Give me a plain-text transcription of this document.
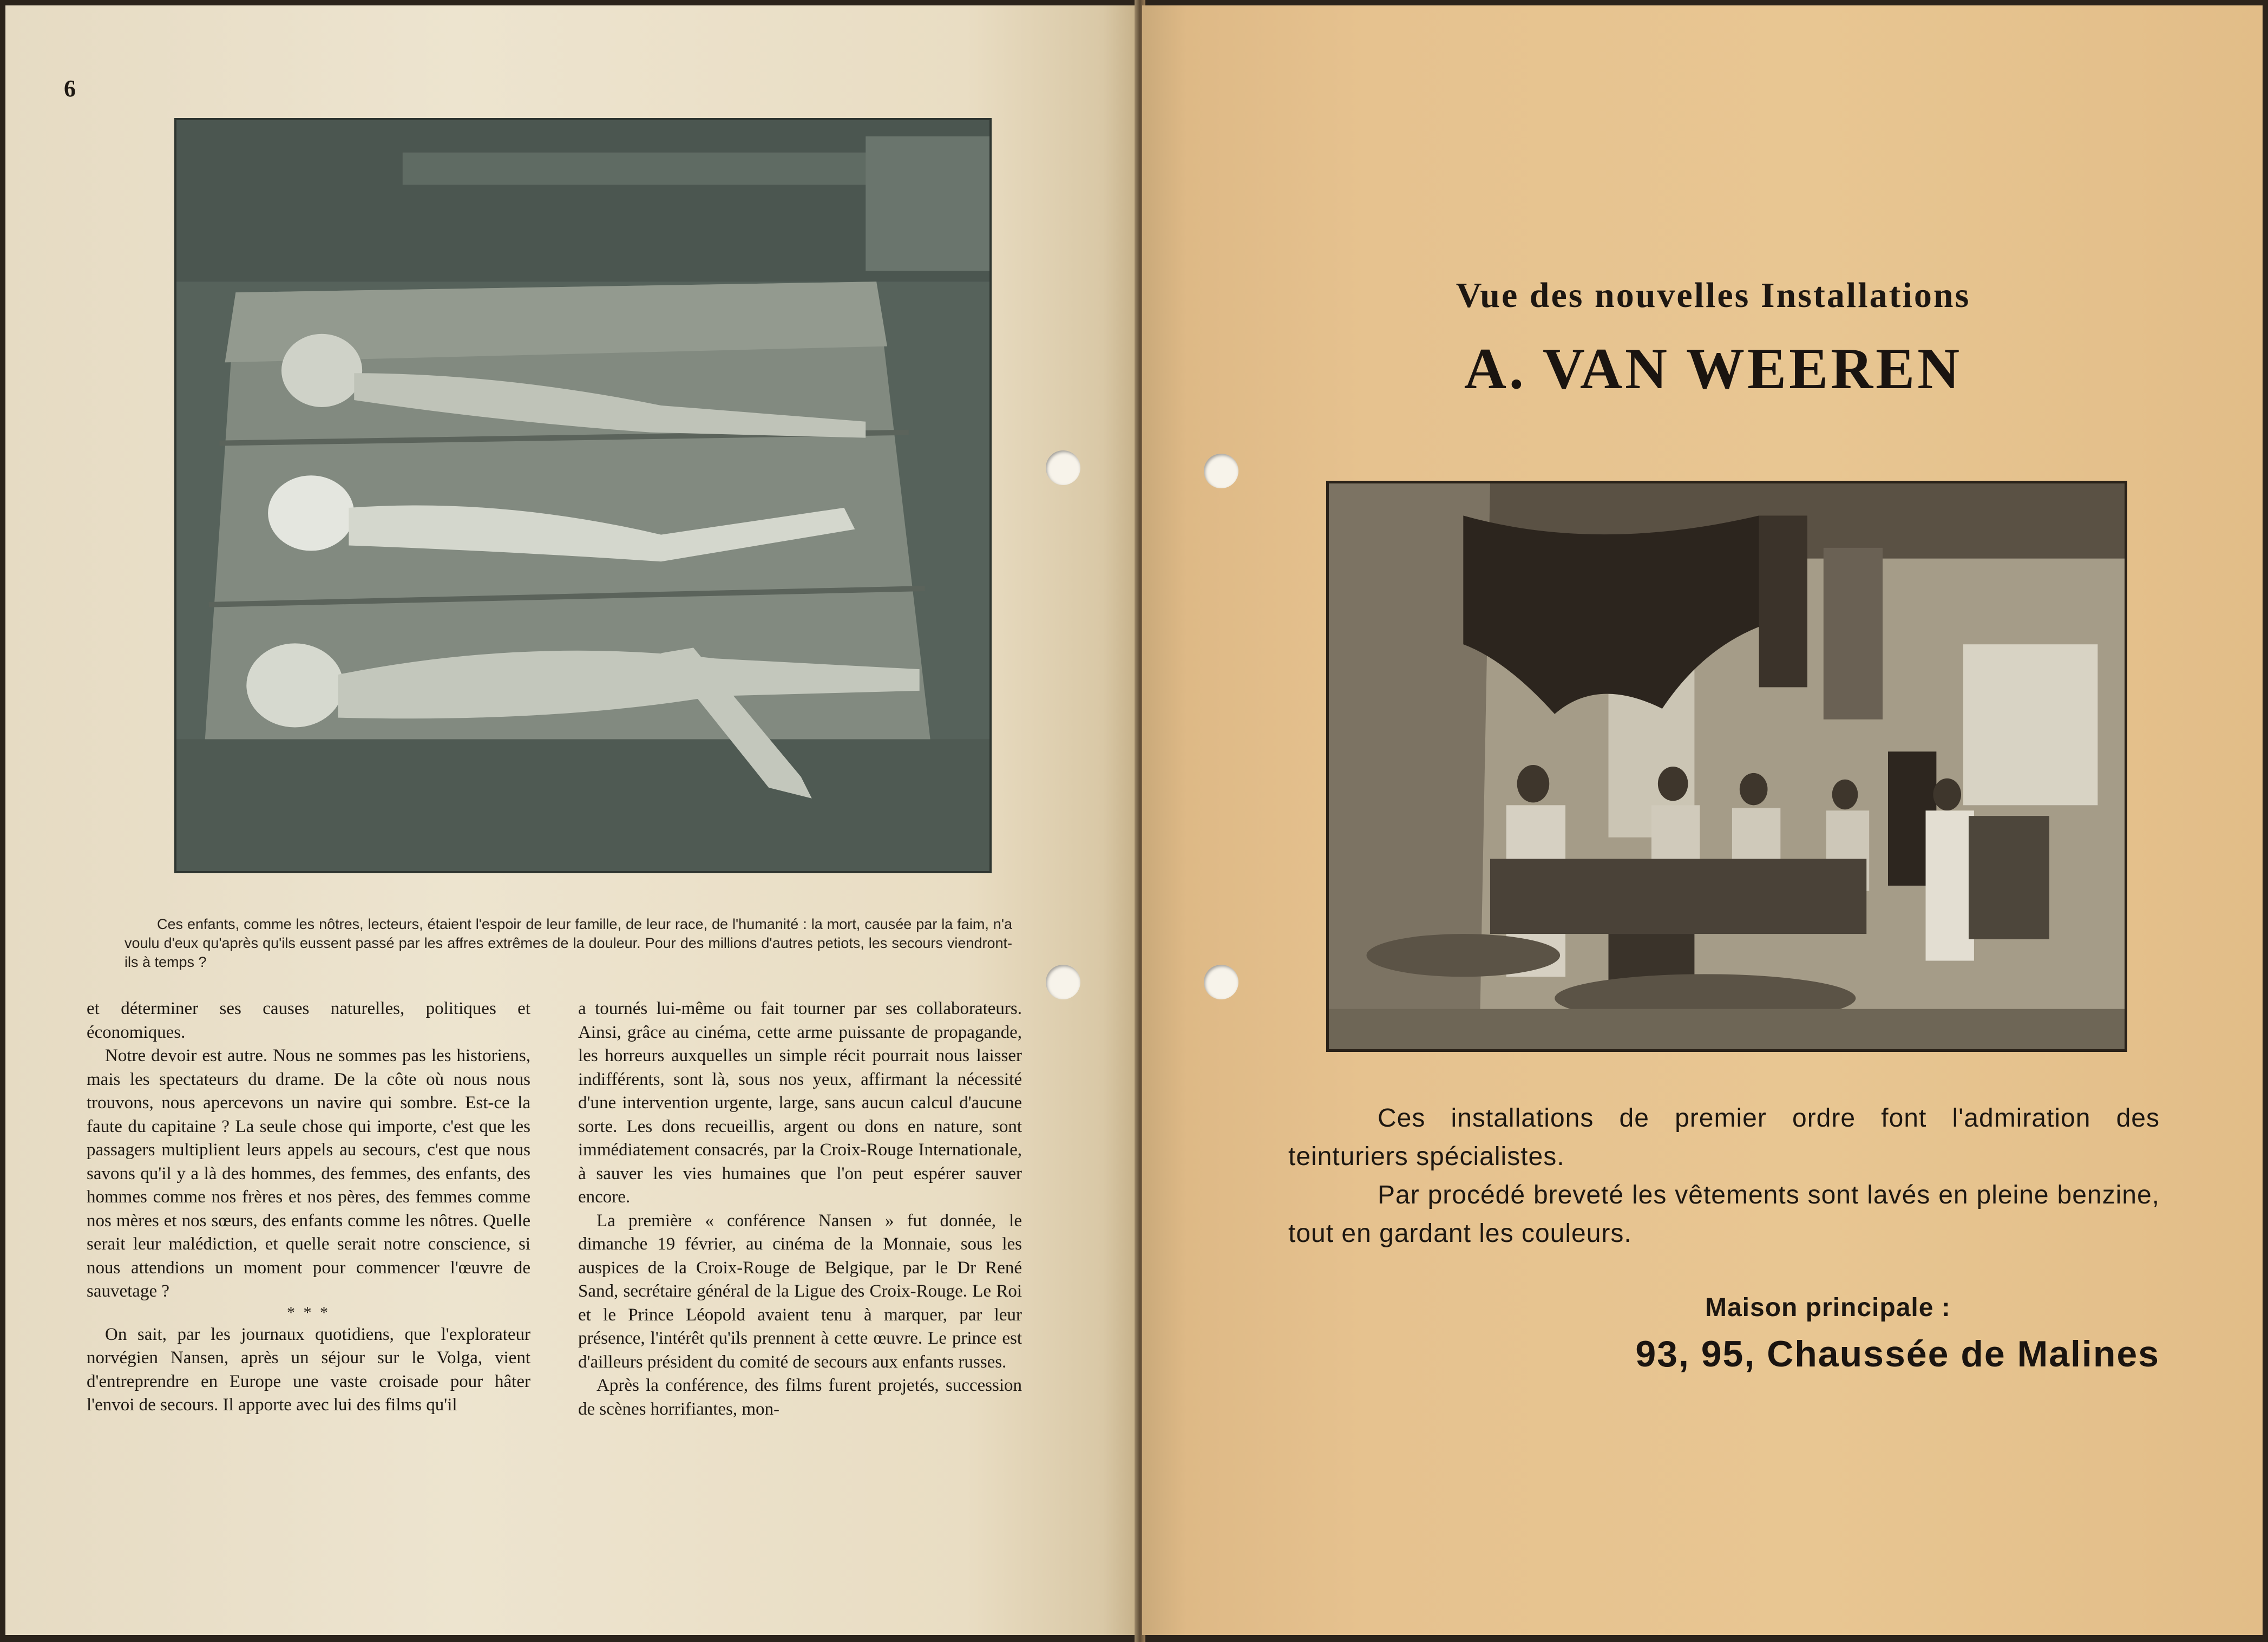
6
Ces enfants, comme les nôtres, lecteurs, étaient l'espoir de leur famille, de leur race, de l'humanité : la mort, causée par la faim, n'a voulu d'eux qu'après qu'ils eussent passé par les affres extrêmes de la douleur. Pour des millions d'autres petiots, les secours viendront-ils à temps ?

et déterminer ses causes naturelles, politiques et économiques.

Notre devoir est autre. Nous ne sommes pas les historiens, mais les spectateurs du drame. De la côte où nous nous trouvons, nous apercevons un navire qui sombre. Est-ce la faute du capitaine ? La seule chose qui importe, c'est que les passagers multiplient leurs appels au secours, c'est que nous savons qu'il y a là des hommes, des femmes, des enfants, des hommes comme nos frères et nos pères, des femmes comme nos mères et nos sœurs, des enfants comme les nôtres. Quelle serait leur malédiction, et quelle serait notre conscience, si nous attendions un moment pour commencer l'œuvre de sauvetage ?

* * *

On sait, par les journaux quotidiens, que l'explorateur norvégien Nansen, après un séjour sur le Volga, vient d'entreprendre en Europe une vaste croisade pour hâter l'envoi de secours. Il apporte avec lui des films qu'il

a tournés lui-même ou fait tourner par ses collaborateurs. Ainsi, grâce au cinéma, cette arme puissante de propagande, les horreurs auxquelles un simple récit pourrait nous laisser indifférents, sont là, sous nos yeux, affirmant la nécessité d'une intervention urgente, large, sans aucun calcul d'aucune sorte. Les dons recueillis, argent ou dons en nature, sont immédiatement consacrés, par la Croix-Rouge Internationale, à sauver les vies humaines que l'on peut espérer sauver encore.

La première « conférence Nansen » fut donnée, le dimanche 19 février, au cinéma de la Monnaie, sous les auspices de la Croix-Rouge de Belgique, par le Dr René Sand, secrétaire général de la Ligue des Croix-Rouge. Le Roi et le Prince Léopold avaient tenu à marquer, par leur présence, l'intérêt qu'ils prennent à cette œuvre. Le prince est d'ailleurs président du comité de secours aux enfants russes.

Après la conférence, des films furent projetés, succession de scènes horrifiantes, mon-

Vue des nouvelles Installations
A. VAN WEEREN

Ces installations de premier ordre font l'admiration des teinturiers spécialistes.

Par procédé breveté les vêtements sont lavés en pleine benzine, tout en gardant les couleurs.

Maison principale :
93, 95, Chaussée de Malines
